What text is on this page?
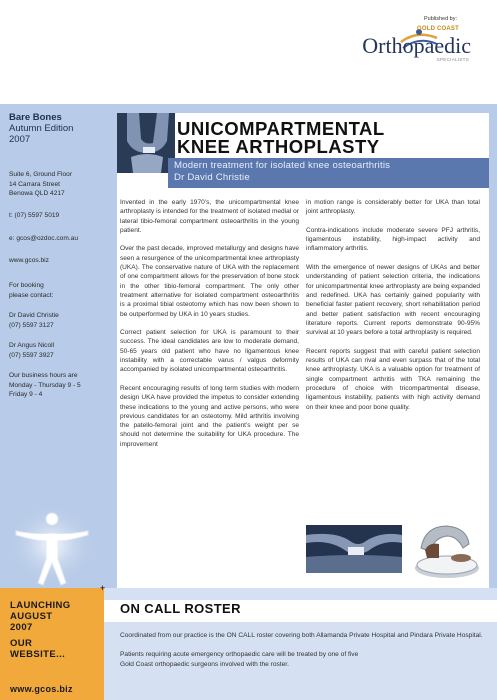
Published by:
GOLD COAST
Orthopaedic
SPECIALISTS
Bare Bones
Autumn Edition
2007
Suite 6, Ground Floor
14 Carrara Street
Benowa QLD 4217
t: (07) 5597 5019
e: gcos@ozdoc.com.au
www.gcos.biz
For booking
please contact:
Dr David Christie
(07) 5597 3127
Dr Angus Nicoll
(07) 5597 3927
Our business hours are
Monday - Thursday 9 - 5
Friday 9 - 4
LAUNCHING
AUGUST
2007
OUR
WEBSITE...
www.gcos.biz
UNICOMPARTMENTAL
KNEE ARTHOPLASTY
Modern treatment for isolated knee osteoarthritis
Dr David Christie

Invented in the early 1970’s, the unicompartmental knee arthroplasty is intended for the treatment of isolated medial or lateral tibio-femoral compartment osteoarthritis in the young patient.

Over the past decade, improved metallurgy and designs have seen a resurgence of the unicompartmental knee arthroplasty (UKA). The conservative nature of UKA with the replacement of one compartment allows for the preservation of bone stock in the other tibio-femoral compartment. The only other treatment alternative for isolated compartment osteoarthritis is a proximal tibial osteotomy which has now been shown to be outperformed by UKA in 10 years studies.

Correct patient selection for UKA is paramount to their success. The ideal candidates are low to moderate demand, 50-65 years old patient who have no ligamentous knee instability with a correctable varus / valgus deformity accompanied by isolated unicompartmental osteoarthritis.

Recent encouraging results of long term studies with modern design UKA have provided the impetus to consider extending these indications to the young and active persons, who were previous candidates for an osteotomy. Mild arthritis involving the patello-femoral joint and the patient’s weight per se should not determine the suitability for UKA procedure. The improvement

in motion range is considerably better for UKA than total joint arthroplasty.

Contra-indications include moderate severe PFJ arthritis, ligamentous instability, high-impact activity and inflammatory arthritis.

With the emergence of newer designs of UKAs and better understanding of patient selection criteria, the indications for unicompartmental knee arthroplasty are being expanded and redefined. UKA has certainly gained popularity with beneficial faster patient recovery, short rehabilitation period and better patient satisfaction with recent encouraging literature reports. Current reports demonstrate 90-95% survival at 10 years before a total arthroplasty is required.

Recent reports suggest that with careful patient selection results of UKA can rival and even surpass that of the total knee arthroplasty. UKA is a valuable option for treatment of single compartment arthritis with TKA remaining the procedure of choice with tricompartmental disease, ligamentous instability, patients with high activity demand on their knee and poor bone quality.

+
ON CALL ROSTER
Coordinated from our practice is the ON CALL roster covering both Allamanda Private Hospital and Pindara Private Hospital.
Patients requiring acute emergency orthopaedic care will be treated by one of five
Gold Coast orthopaedic surgeons involved with the roster.
